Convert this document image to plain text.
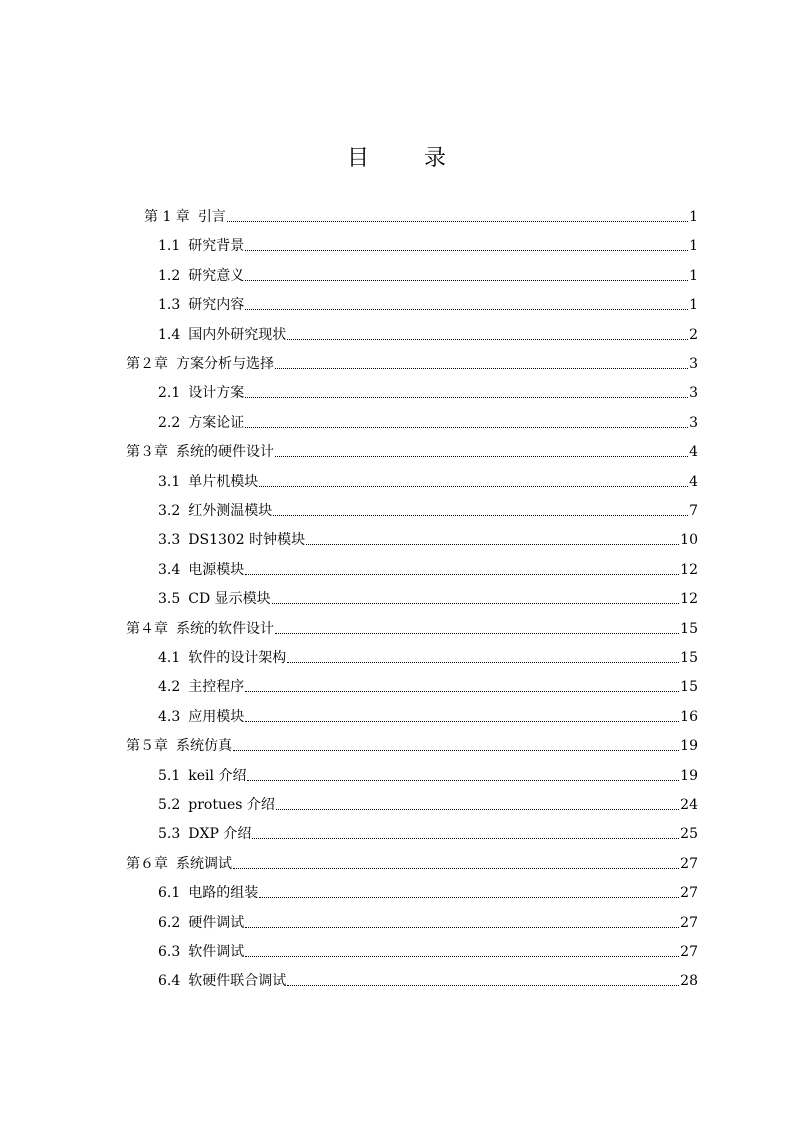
目 录
第 1 章 引言	1
1.1 研究背景	1
1.2 研究意义	1
1.3 研究内容	1
1.4 国内外研究现状	2
第２章 方案分析与选择	3
2.1 设计方案	3
2.2 方案论证	3
第３章 系统的硬件设计	4
3.1 单片机模块	4
3.2 红外测温模块	7
3.3 DS1302 时钟模块	10
3.4 电源模块	12
3.5 CD 显示模块	12
第４章 系统的软件设计	15
4.1 软件的设计架构	15
4.2 主控程序	15
4.3 应用模块	16
第５章 系统仿真	19
5.1 keil 介绍	19
5.2 protues 介绍	24
5.3 DXP 介绍	25
第６章 系统调试	27
6.1 电路的组装	27
6.2 硬件调试	27
6.3 软件调试	27
6.4 软硬件联合调试	28
